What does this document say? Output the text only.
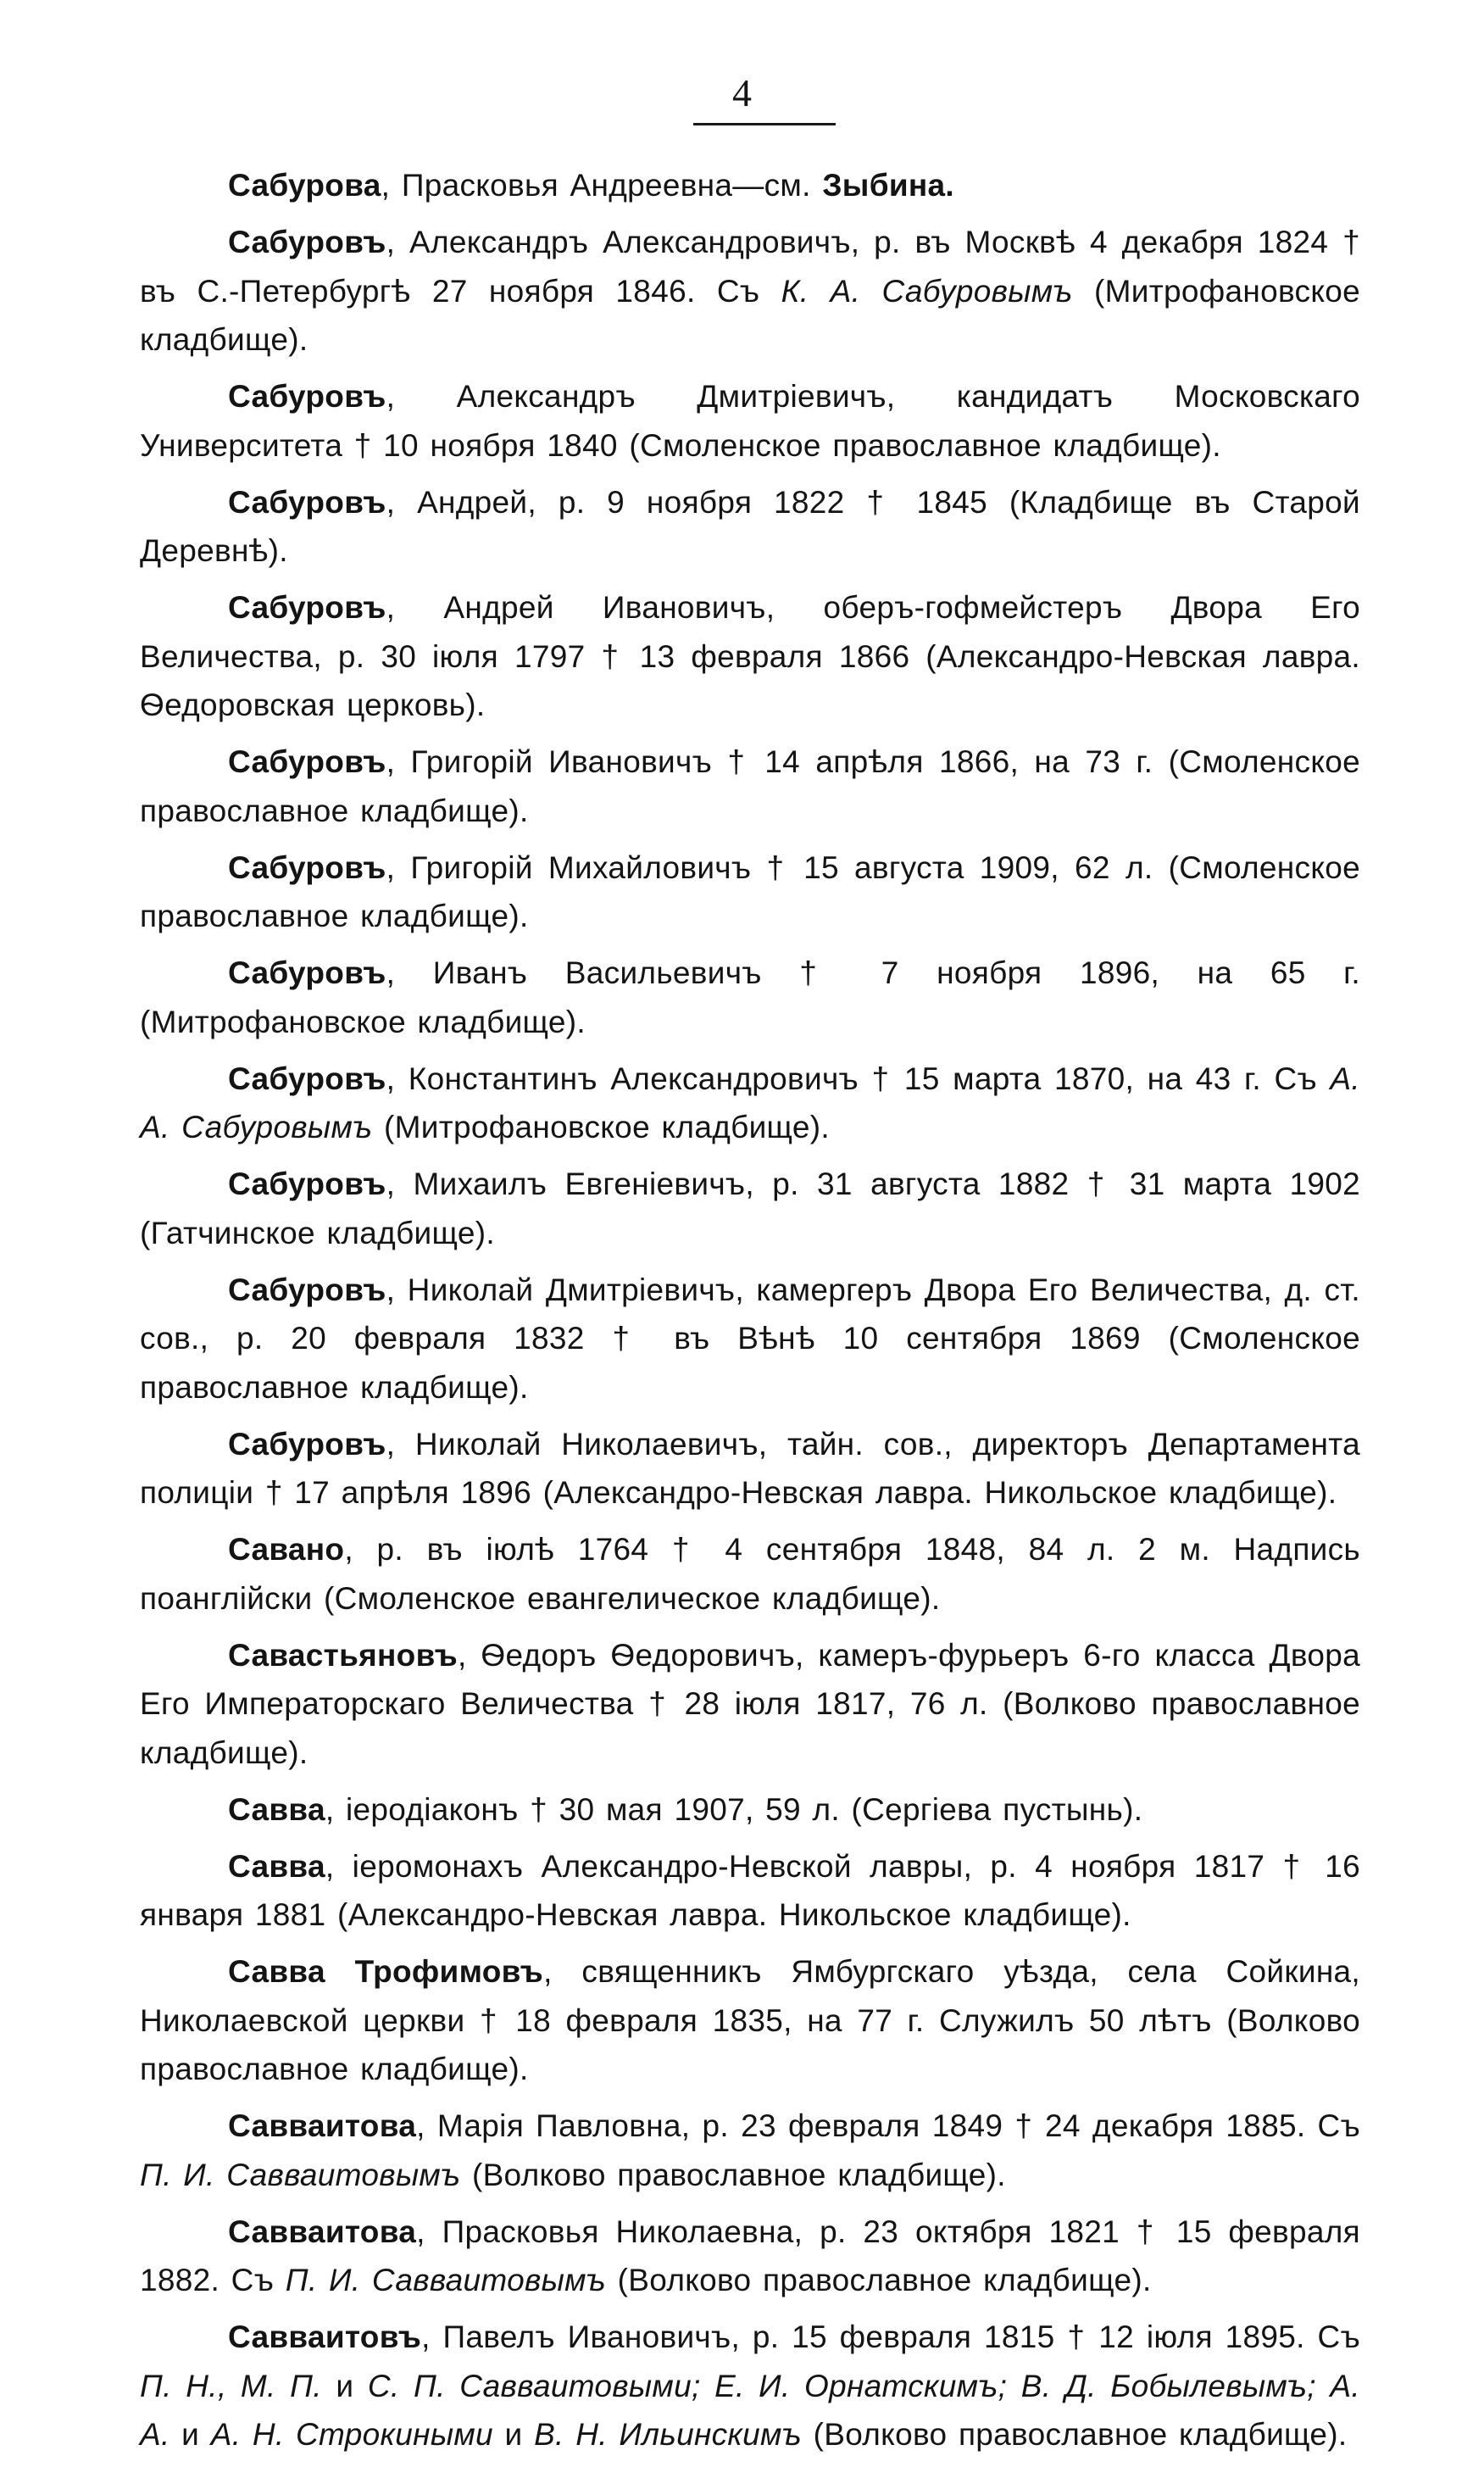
4

Сабурова, Прасковья Андреевна—см. Зыбина.

Сабуровъ, Александръ Александровичъ, р. въ Москвѣ 4 декабря 1824 † въ С.-Петербургѣ 27 ноября 1846. Съ К. А. Сабуровымъ (Митрофановское кладбище).

Сабуровъ, Александръ Дмитріевичъ, кандидатъ Московскаго Университета † 10 ноября 1840 (Смоленское православное кладбище).

Сабуровъ, Андрей, р. 9 ноября 1822 † 1845 (Кладбище въ Старой Деревнѣ).

Сабуровъ, Андрей Ивановичъ, оберъ-гофмейстеръ Двора Его Величества, р. 30 іюля 1797 † 13 февраля 1866 (Александро-Невская лавра. Ѳедоровская церковь).

Сабуровъ, Григорій Ивановичъ † 14 апрѣля 1866, на 73 г. (Смоленское православное кладбище).

Сабуровъ, Григорій Михайловичъ † 15 августа 1909, 62 л. (Смоленское православное кладбище).

Сабуровъ, Иванъ Васильевичъ † 7 ноября 1896, на 65 г. (Митрофановское кладбище).

Сабуровъ, Константинъ Александровичъ † 15 марта 1870, на 43 г. Съ А. А. Сабуровымъ (Митрофановское кладбище).

Сабуровъ, Михаилъ Евгеніевичъ, р. 31 августа 1882 † 31 марта 1902 (Гатчинское кладбище).

Сабуровъ, Николай Дмитріевичъ, камергеръ Двора Его Величества, д. ст. сов., р. 20 февраля 1832 † въ Вѣнѣ 10 сентября 1869 (Смоленское православное кладбище).

Сабуровъ, Николай Николаевичъ, тайн. сов., директоръ Департамента полиціи † 17 апрѣля 1896 (Александро-Невская лавра. Никольское кладбище).

Савано, р. въ іюлѣ 1764 † 4 сентября 1848, 84 л. 2 м. Надпись поанглійски (Смоленское евангелическое кладбище).

Савастьяновъ, Ѳедоръ Ѳедоровичъ, камеръ-фурьеръ 6-го класса Двора Его Императорскаго Величества † 28 іюля 1817, 76 л. (Волково православное кладбище).

Савва, іеродіаконъ † 30 мая 1907, 59 л. (Сергіева пустынь).

Савва, іеромонахъ Александро-Невской лавры, р. 4 ноября 1817 † 16 января 1881 (Александро-Невская лавра. Никольское кладбище).

Савва Трофимовъ, священникъ Ямбургскаго уѣзда, села Сойкина, Николаевской церкви † 18 февраля 1835, на 77 г. Служилъ 50 лѣтъ (Волково православное кладбище).

Савваитова, Марія Павловна, р. 23 февраля 1849 † 24 декабря 1885. Съ П. И. Савваитовымъ (Волково православное кладбище).

Савваитова, Прасковья Николаевна, р. 23 октября 1821 † 15 февраля 1882. Съ П. И. Савваитовымъ (Волково православное кладбище).

Савваитовъ, Павелъ Ивановичъ, р. 15 февраля 1815 † 12 іюля 1895. Съ П. Н., М. П. и С. П. Савваитовыми; Е. И. Орнатскимъ; В. Д. Бобылевымъ; А. А. и А. Н. Строкиными и В. Н. Ильинскимъ (Волково православное кладбище).
